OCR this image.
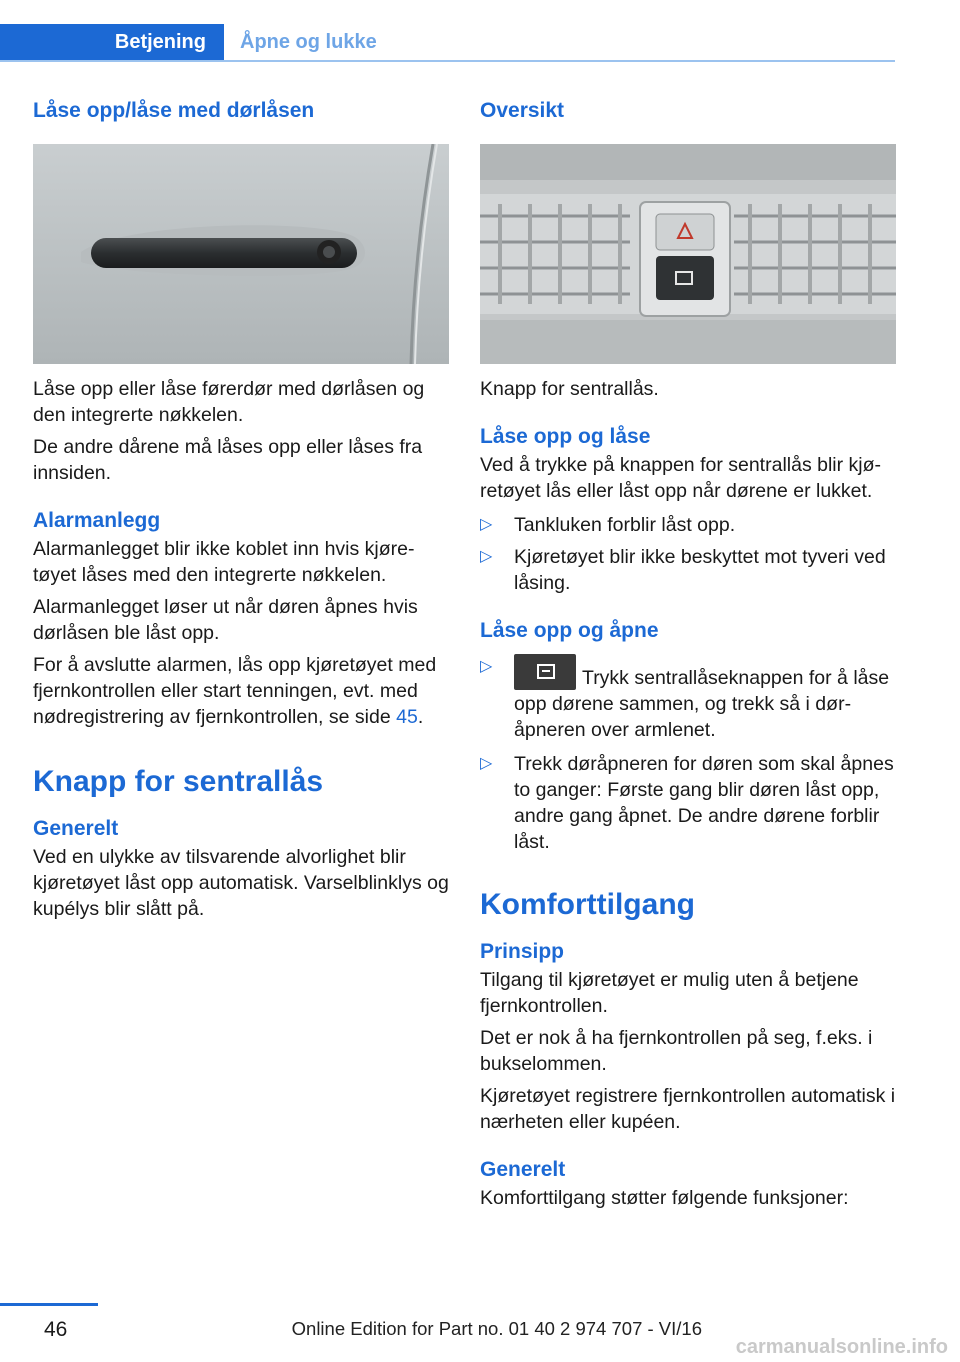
Betjening	Åpne og lukke
Låse opp/låse med dørlåsen

Låse opp eller låse førerdør med dørlåsen og den integrerte nøkkelen.

De andre dårene må låses opp eller låses fra innsiden.

Alarmanlegg

Alarmanlegget blir ikke koblet inn hvis kjøretøyet låses med den integrerte nøkkelen.

Alarmanlegget løser ut når døren åpnes hvis dørlåsen ble låst opp.

For å avslutte alarmen, lås opp kjøretøyet med fjernkontrollen eller start tenningen, evt. med nødregistrering av fjernkontrollen, se side 45.

Knapp for sentrallås
Generelt

Ved en ulykke av tilsvarende alvorlighet blir kjøretøyet låst opp automatisk. Varselblinklys og kupélys blir slått på.

Oversikt

Knapp for sentrallås.

Låse opp og låse

Ved å trykke på knappen for sentrallås blir kjøretøyet lås eller låst opp når dørene er lukket.

▷ Tankluken forblir låst opp.
▷ Kjøretøyet blir ikke beskyttet mot tyveri ved låsing.
Låse opp og åpne
▷
Trykk sentrallåseknappen for å låse opp dørene sammen, og trekk så i døråpneren over armlenet.
▷ Trekk døråpneren for døren som skal åpnes to ganger: Første gang blir døren låst opp, andre gang åpnet. De andre dørene forblir låst.
Komforttilgang
Prinsipp

Tilgang til kjøretøyet er mulig uten å betjene fjernkontrollen.

Det er nok å ha fjernkontrollen på seg, f.eks. i bukselommen.

Kjøretøyet registrere fjernkontrollen automatisk i nærheten eller kupéen.

Generelt

Komforttilgang støtter følgende funksjoner:

46	Online Edition for Part no. 01 40 2 974 707 - VI/16
carmanualsonline.info
